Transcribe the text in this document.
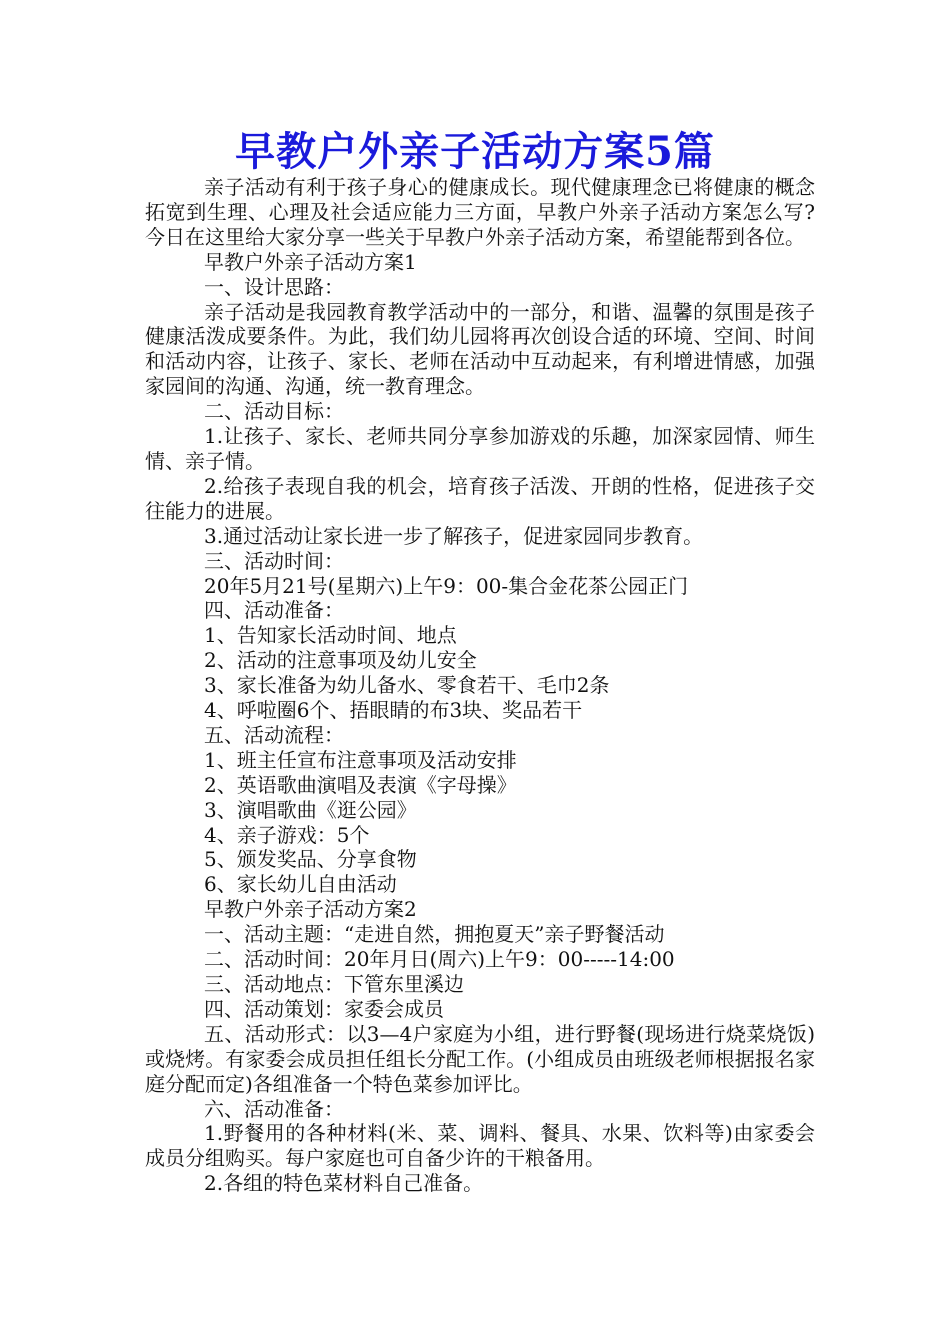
早教户外亲子活动方案5篇

亲子活动有利于孩子身心的健康成长。现代健康理念已将健康的概念拓宽到生理、心理及社会适应能力三方面，早教户外亲子活动方案怎么写?今日在这里给大家分享一些关于早教户外亲子活动方案，希望能帮到各位。

早教户外亲子活动方案1

一、设计思路：

亲子活动是我园教育教学活动中的一部分，和谐、温馨的氛围是孩子健康活泼成要条件。为此，我们幼儿园将再次创设合适的环境、空间、时间和活动内容，让孩子、家长、老师在活动中互动起来，有利增进情感，加强家园间的沟通、沟通，统一教育理念。

二、活动目标：

1.让孩子、家长、老师共同分享参加游戏的乐趣，加深家园情、师生情、亲子情。

2.给孩子表现自我的机会，培育孩子活泼、开朗的性格，促进孩子交往能力的进展。

3.通过活动让家长进一步了解孩子，促进家园同步教育。

三、活动时间：

20年5月21号(星期六)上午9：00-集合金花茶公园正门

四、活动准备：

1、告知家长活动时间、地点

2、活动的注意事项及幼儿安全

3、家长准备为幼儿备水、零食若干、毛巾2条

4、呼啦圈6个、捂眼睛的布3块、奖品若干

五、活动流程：

1、班主任宣布注意事项及活动安排

2、英语歌曲演唱及表演《字母操》

3、演唱歌曲《逛公园》

4、亲子游戏：5个

5、颁发奖品、分享食物

6、家长幼儿自由活动

早教户外亲子活动方案2

一、活动主题：“走进自然，拥抱夏天”亲子野餐活动

二、活动时间：20年月日(周六)上午9：00-----14:00

三、活动地点：下管东里溪边

四、活动策划：家委会成员

五、活动形式：以3—4户家庭为小组，进行野餐(现场进行烧菜烧饭)或烧烤。有家委会成员担任组长分配工作。(小组成员由班级老师根据报名家庭分配而定)各组准备一个特色菜参加评比。

六、活动准备：

1.野餐用的各种材料(米、菜、调料、餐具、水果、饮料等)由家委会成员分组购买。每户家庭也可自备少许的干粮备用。

2.各组的特色菜材料自己准备。
